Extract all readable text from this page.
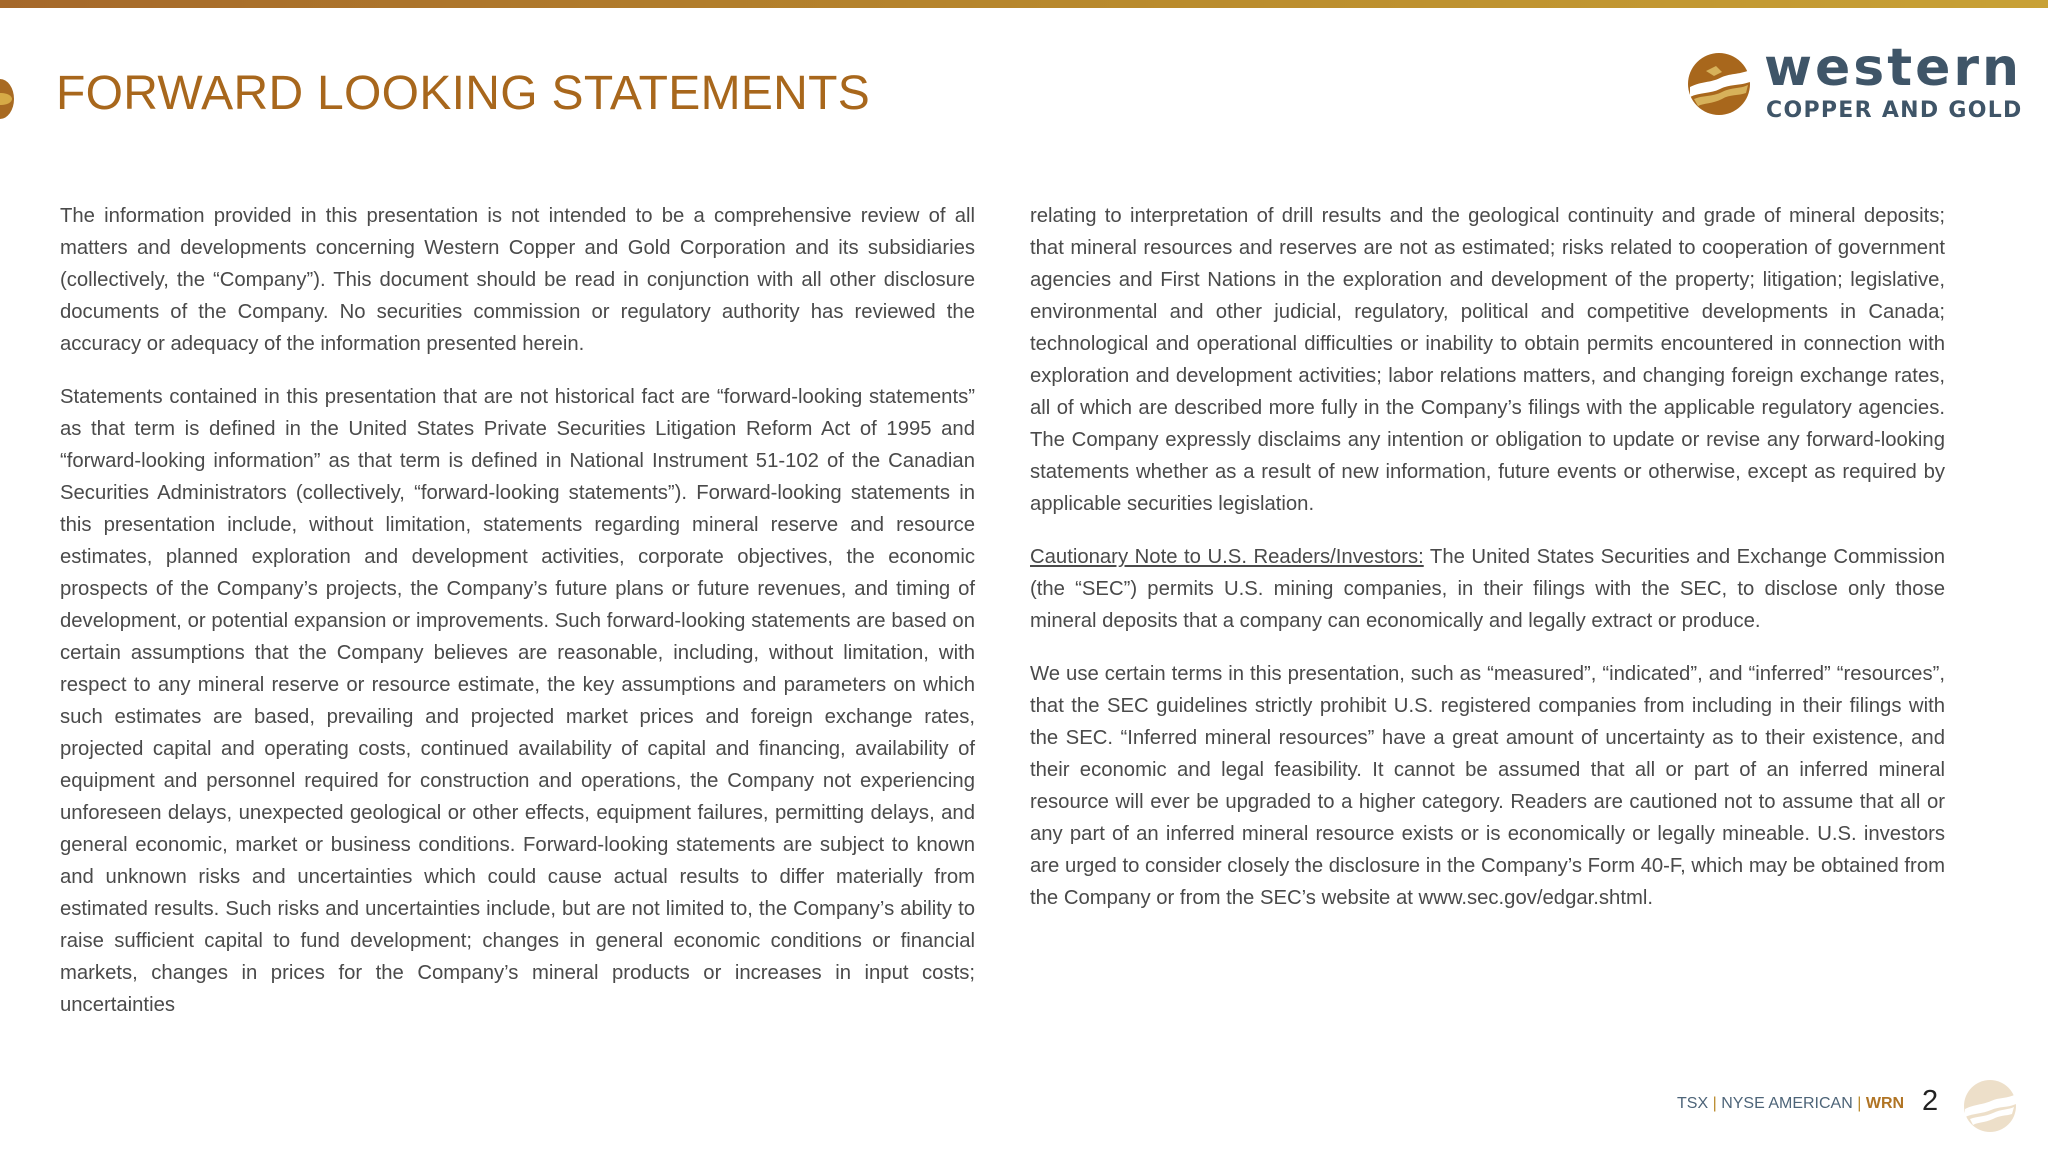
FORWARD LOOKING STATEMENTS	western
COPPER AND GOLD

The information provided in this presentation is not intended to be a comprehensive review of all matters and developments concerning Western Copper and Gold Corporation and its subsidiaries (collectively, the “Company”). This document should be read in conjunction with all other disclosure documents of the Company. No securities commission or regulatory authority has reviewed the accuracy or adequacy of the information presented herein.

Statements contained in this presentation that are not historical fact are “forward-looking statements” as that term is defined in the United States Private Securities Litigation Reform Act of 1995 and “forward-looking information” as that term is defined in National Instrument 51-102 of the Canadian Securities Administrators (collectively, “forward-looking statements”). Forward-looking statements in this presentation include, without limitation, statements regarding mineral reserve and resource estimates, planned exploration and development activities, corporate objectives, the economic prospects of the Company’s projects, the Company’s future plans or future revenues, and timing of development, or potential expansion or improvements. Such forward-looking statements are based on certain assumptions that the Company believes are reasonable, including, without limitation, with respect to any mineral reserve or resource estimate, the key assumptions and parameters on which such estimates are based, prevailing and projected market prices and foreign exchange rates, projected capital and operating costs, continued availability of capital and financing, availability of equipment and personnel required for construction and operations, the Company not experiencing unforeseen delays, unexpected geological or other effects, equipment failures, permitting delays, and general economic, market or business conditions. Forward-looking statements are subject to known and unknown risks and uncertainties which could cause actual results to differ materially from estimated results. Such risks and uncertainties include, but are not limited to, the Company’s ability to raise sufficient capital to fund development; changes in general economic conditions or financial markets, changes in prices for the Company’s mineral products or increases in input costs; uncertainties

relating to interpretation of drill results and the geological continuity and grade of mineral deposits; that mineral resources and reserves are not as estimated; risks related to cooperation of government agencies and First Nations in the exploration and development of the property; litigation; legislative, environmental and other judicial, regulatory, political and competitive developments in Canada; technological and operational difficulties or inability to obtain permits encountered in connection with exploration and development activities; labor relations matters, and changing foreign exchange rates, all of which are described more fully in the Company’s filings with the applicable regulatory agencies. The Company expressly disclaims any intention or obligation to update or revise any forward-looking statements whether as a result of new information, future events or otherwise, except as required by applicable securities legislation.

Cautionary Note to U.S. Readers/Investors: The United States Securities and Exchange Commission (the “SEC”) permits U.S. mining companies, in their filings with the SEC, to disclose only those mineral deposits that a company can economically and legally extract or produce.

We use certain terms in this presentation, such as “measured”, “indicated”, and “inferred” “resources”, that the SEC guidelines strictly prohibit U.S. registered companies from including in their filings with the SEC. “Inferred mineral resources” have a great amount of uncertainty as to their existence, and their economic and legal feasibility. It cannot be assumed that all or part of an inferred mineral resource will ever be upgraded to a higher category. Readers are cautioned not to assume that all or any part of an inferred mineral resource exists or is economically or legally mineable. U.S. investors are urged to consider closely the disclosure in the Company’s Form 40-F, which may be obtained from the Company or from the SEC’s website at www.sec.gov/edgar.shtml.

TSX | NYSE AMERICAN | WRN 2
